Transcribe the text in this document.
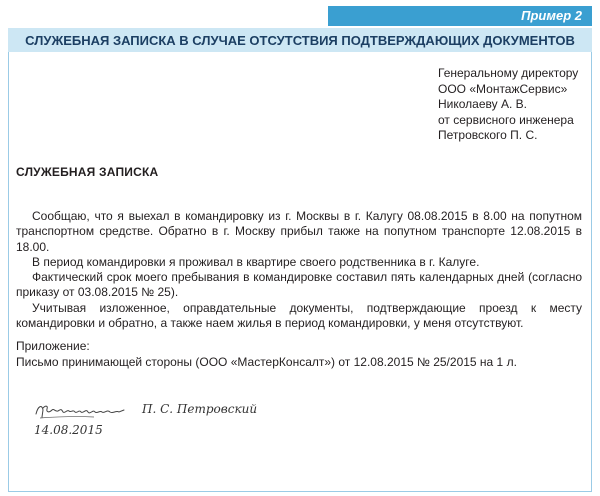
Пример 2
СЛУЖЕБНАЯ ЗАПИСКА В СЛУЧАЕ ОТСУТСТВИЯ ПОДТВЕРЖДАЮЩИХ ДОКУМЕНТОВ
Генеральному директору
ООО «МонтажСервис»
Николаеву А. В.
от сервисного инженера
Петровского П. С.
СЛУЖЕБНАЯ ЗАПИСКА

Сообщаю, что я выехал в командировку из г. Москвы в г. Калугу 08.08.2015 в 8.00 на попутном транспортном средстве. Обратно в г. Москву прибыл также на попутном транспорте 12.08.2015 в 18.00.

В период командировки я проживал в квартире своего родственника в г. Калуге.

Фактический срок моего пребывания в командировке составил пять календарных дней (согласно приказу от 03.08.2015 № 25).

Учитывая изложенное, оправдательные документы, подтверждающие проезд к месту командировки и обратно, а также наем жилья в период командировки, у меня отсутствуют.

Приложение:
Письмо принимающей стороны (ООО «МастерКонсалт») от 12.08.2015 № 25/2015 на 1 л.
П. С. Петровский
14.08.2015
